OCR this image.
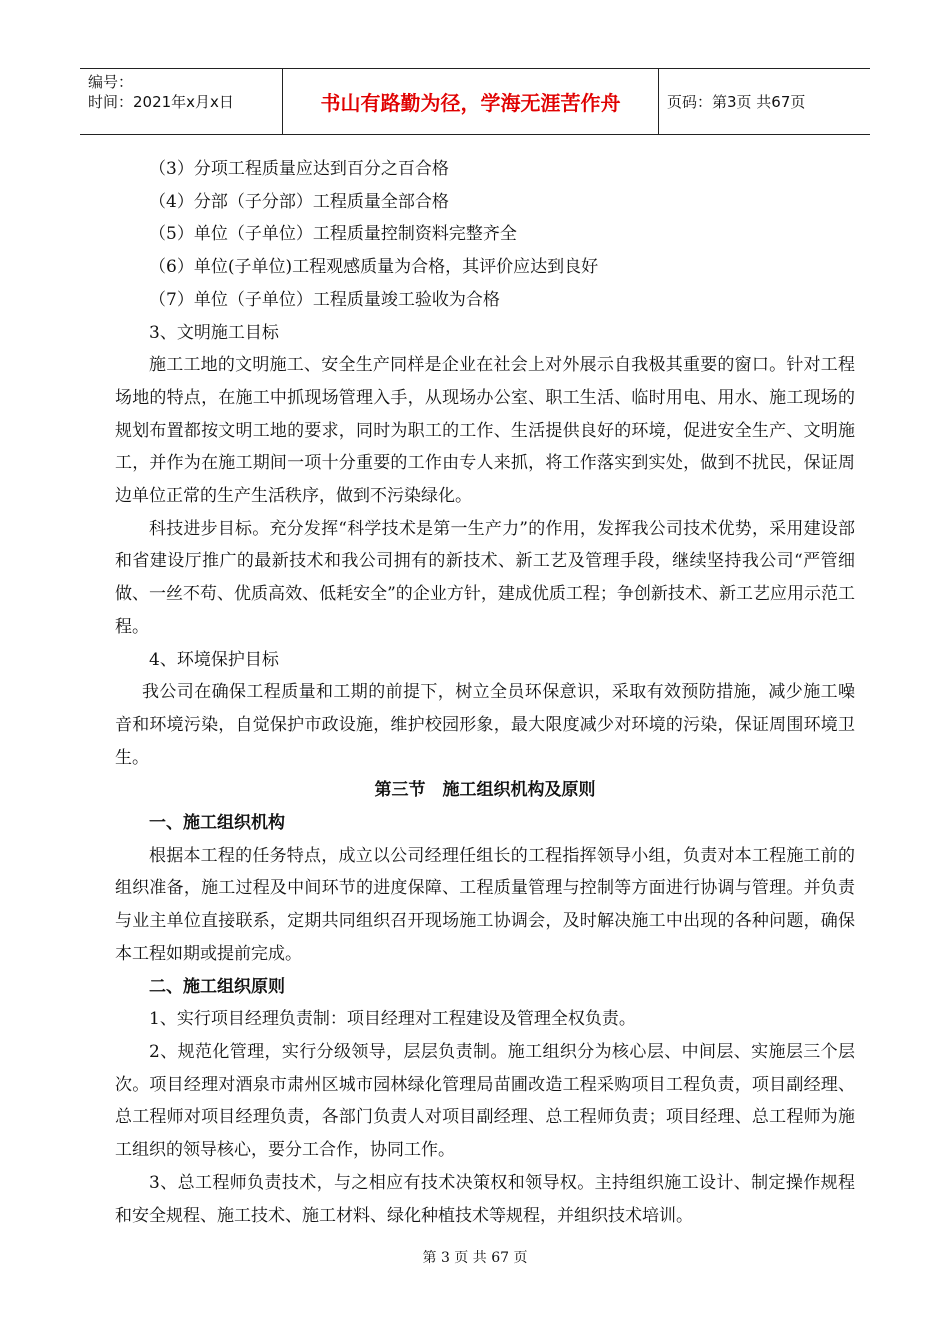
编号：
时间：2021年x月x日	书山有路勤为径，学海无涯苦作舟	页码：第3页 共67页

（3）分项工程质量应达到百分之百合格

（4）分部（子分部）工程质量全部合格

（5）单位（子单位）工程质量控制资料完整齐全

（6）单位(子单位)工程观感质量为合格，其评价应达到良好

（7）单位（子单位）工程质量竣工验收为合格

3、文明施工目标

施工工地的文明施工、安全生产同样是企业在社会上对外展示自我极其重要的窗口。针对工程场地的特点，在施工中抓现场管理入手，从现场办公室、职工生活、临时用电、用水、施工现场的规划布置都按文明工地的要求，同时为职工的工作、生活提供良好的环境，促进安全生产、文明施工，并作为在施工期间一项十分重要的工作由专人来抓，将工作落实到实处，做到不扰民，保证周边单位正常的生产生活秩序，做到不污染绿化。

科技进步目标。充分发挥“科学技术是第一生产力”的作用，发挥我公司技术优势，采用建设部和省建设厅推广的最新技术和我公司拥有的新技术、新工艺及管理手段，继续坚持我公司“严管细做、一丝不苟、优质高效、低耗安全”的企业方针，建成优质工程；争创新技术、新工艺应用示范工程。

4、环境保护目标

我公司在确保工程质量和工期的前提下，树立全员环保意识，采取有效预防措施，减少施工噪音和环境污染，自觉保护市政设施，维护校园形象，最大限度减少对环境的污染，保证周围环境卫生。

第三节　施工组织机构及原则

一、施工组织机构

根据本工程的任务特点，成立以公司经理任组长的工程指挥领导小组，负责对本工程施工前的组织准备，施工过程及中间环节的进度保障、工程质量管理与控制等方面进行协调与管理。并负责与业主单位直接联系，定期共同组织召开现场施工协调会，及时解决施工中出现的各种问题，确保本工程如期或提前完成。

二、施工组织原则

1、实行项目经理负责制：项目经理对工程建设及管理全权负责。

2、规范化管理，实行分级领导，层层负责制。施工组织分为核心层、中间层、实施层三个层次。项目经理对酒泉市肃州区城市园林绿化管理局苗圃改造工程采购项目工程负责，项目副经理、总工程师对项目经理负责，各部门负责人对项目副经理、总工程师负责；项目经理、总工程师为施工组织的领导核心，要分工合作，协同工作。

3、总工程师负责技术，与之相应有技术决策权和领导权。主持组织施工设计、制定操作规程和安全规程、施工技术、施工材料、绿化种植技术等规程，并组织技术培训。

第 3 页 共 67 页
